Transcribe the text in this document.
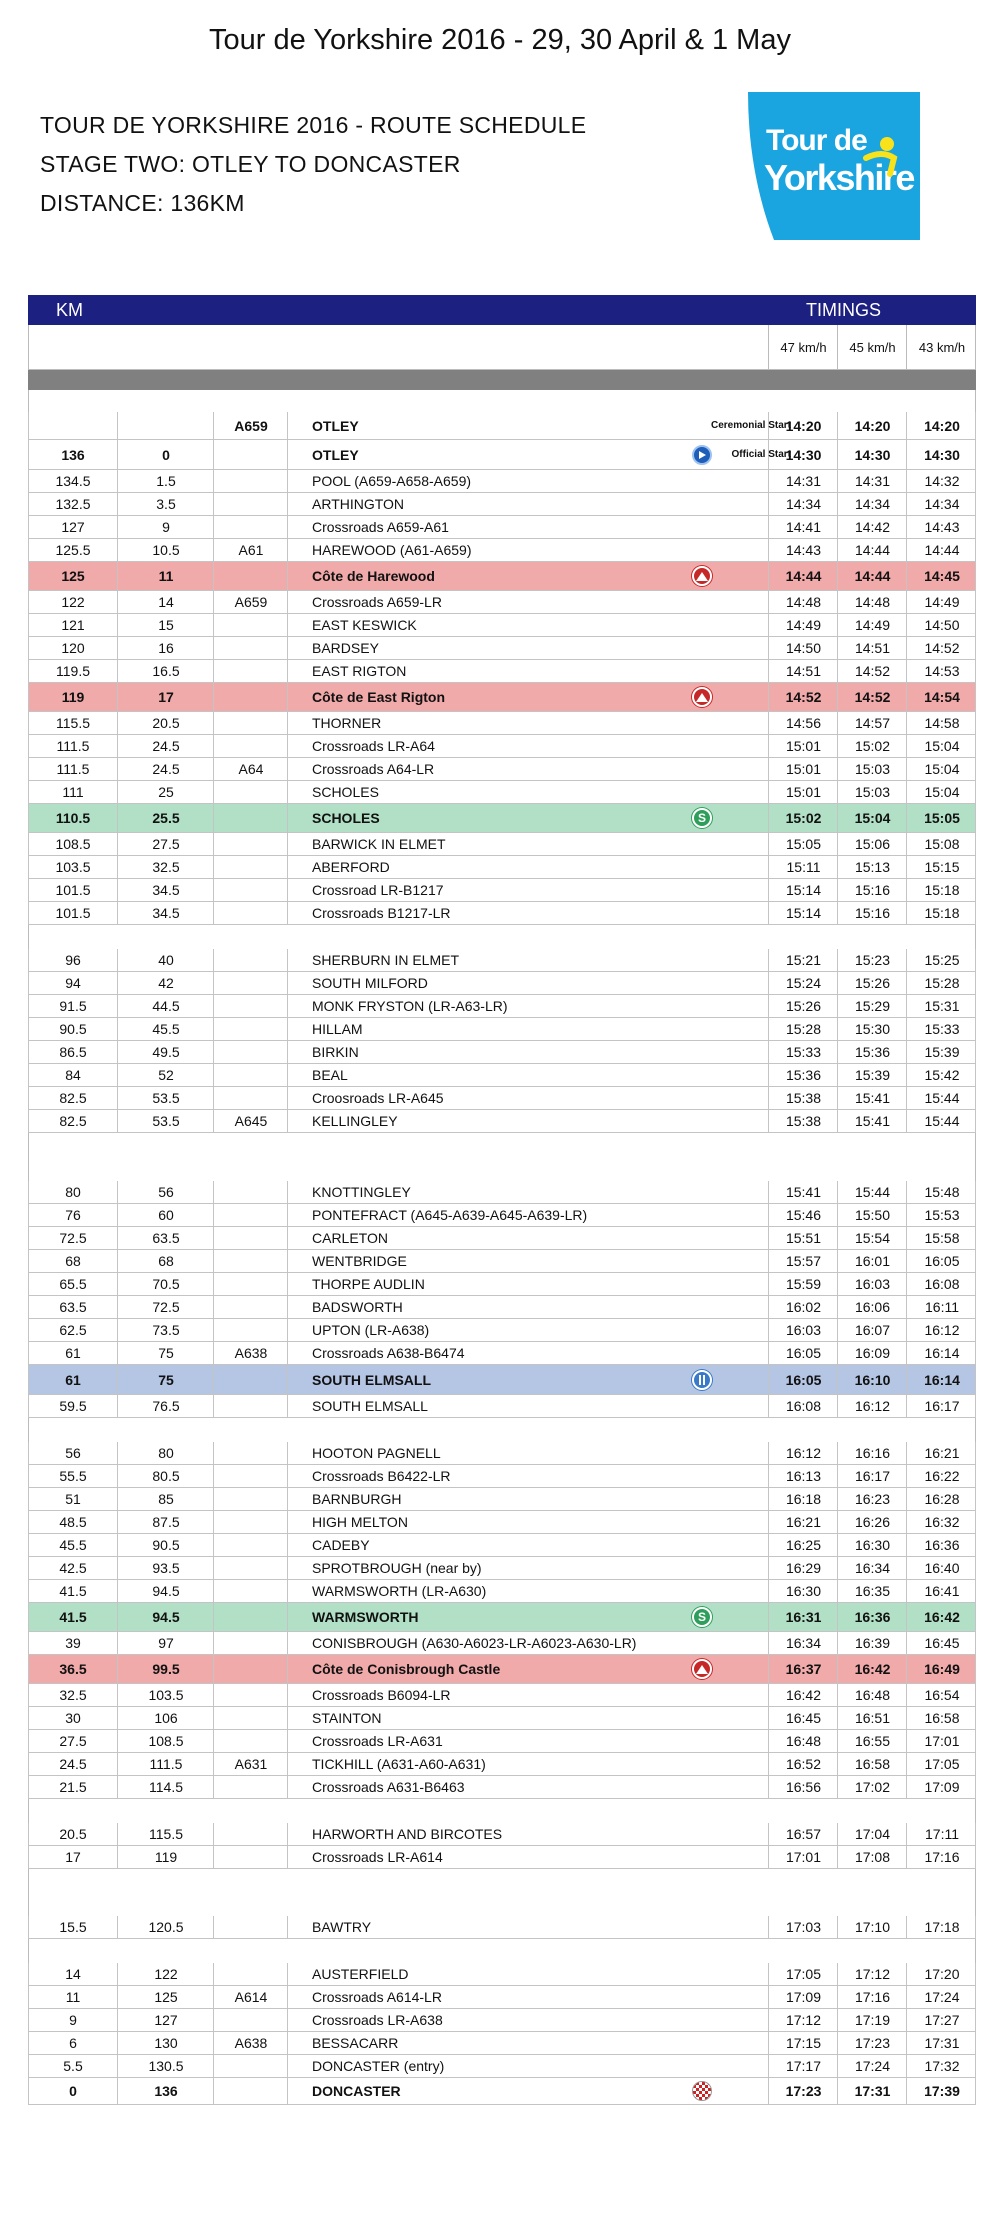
Tour de Yorkshire 2016 - 29, 30 April & 1 May
TOUR DE YORKSHIRE 2016 - ROUTE SCHEDULE
STAGE TWO: OTLEY TO DONCASTER
DISTANCE: 136KM
Tour de
Yorkshire
KM	TIMINGS
47 km/h	45 km/h	43 km/h
A659	OTLEY	14:20	14:20	14:20
Ceremonial Start
136	0	OTLEY	14:30	14:30	14:30
Official Start
134.5	1.5	POOL (A659-A658-A659)	14:31	14:31	14:32
132.5	3.5	ARTHINGTON	14:34	14:34	14:34
127	9	Crossroads A659-A61	14:41	14:42	14:43
125.5	10.5	A61	HAREWOOD (A61-A659)	14:43	14:44	14:44
125	11	Côte de Harewood	14:44	14:44	14:45
122	14	A659	Crossroads A659-LR	14:48	14:48	14:49
121	15	EAST KESWICK	14:49	14:49	14:50
120	16	BARDSEY	14:50	14:51	14:52
119.5	16.5	EAST RIGTON	14:51	14:52	14:53
119	17	Côte de East Rigton	14:52	14:52	14:54
115.5	20.5	THORNER	14:56	14:57	14:58
111.5	24.5	Crossroads LR-A64	15:01	15:02	15:04
111.5	24.5	A64	Crossroads A64-LR	15:01	15:03	15:04
111	25	SCHOLES	15:01	15:03	15:04
110.5	25.5	SCHOLES	15:02	15:04	15:05
S
108.5	27.5	BARWICK IN ELMET	15:05	15:06	15:08
103.5	32.5	ABERFORD	15:11	15:13	15:15
101.5	34.5	Crossroad LR-B1217	15:14	15:16	15:18
101.5	34.5	Crossroads B1217-LR	15:14	15:16	15:18
96	40	SHERBURN IN ELMET	15:21	15:23	15:25
94	42	SOUTH MILFORD	15:24	15:26	15:28
91.5	44.5	MONK FRYSTON (LR-A63-LR)	15:26	15:29	15:31
90.5	45.5	HILLAM	15:28	15:30	15:33
86.5	49.5	BIRKIN	15:33	15:36	15:39
84	52	BEAL	15:36	15:39	15:42
82.5	53.5	Croosroads LR-A645	15:38	15:41	15:44
82.5	53.5	A645	KELLINGLEY	15:38	15:41	15:44
80	56	KNOTTINGLEY	15:41	15:44	15:48
76	60	PONTEFRACT (A645-A639-A645-A639-LR)	15:46	15:50	15:53
72.5	63.5	CARLETON	15:51	15:54	15:58
68	68	WENTBRIDGE	15:57	16:01	16:05
65.5	70.5	THORPE AUDLIN	15:59	16:03	16:08
63.5	72.5	BADSWORTH	16:02	16:06	16:11
62.5	73.5	UPTON (LR-A638)	16:03	16:07	16:12
61	75	A638	Crossroads A638-B6474	16:05	16:09	16:14
61	75	SOUTH ELMSALL	16:05	16:10	16:14
59.5	76.5	SOUTH ELMSALL	16:08	16:12	16:17
56	80	HOOTON PAGNELL	16:12	16:16	16:21
55.5	80.5	Crossroads B6422-LR	16:13	16:17	16:22
51	85	BARNBURGH	16:18	16:23	16:28
48.5	87.5	HIGH MELTON	16:21	16:26	16:32
45.5	90.5	CADEBY	16:25	16:30	16:36
42.5	93.5	SPROTBROUGH (near by)	16:29	16:34	16:40
41.5	94.5	WARMSWORTH (LR-A630)	16:30	16:35	16:41
41.5	94.5	WARMSWORTH	16:31	16:36	16:42
S
39	97	CONISBROUGH (A630-A6023-LR-A6023-A630-LR)	16:34	16:39	16:45
36.5	99.5	Côte de Conisbrough Castle	16:37	16:42	16:49
32.5	103.5	Crossroads B6094-LR	16:42	16:48	16:54
30	106	STAINTON	16:45	16:51	16:58
27.5	108.5	Crossroads LR-A631	16:48	16:55	17:01
24.5	111.5	A631	TICKHILL (A631-A60-A631)	16:52	16:58	17:05
21.5	114.5	Crossroads A631-B6463	16:56	17:02	17:09
20.5	115.5	HARWORTH AND BIRCOTES	16:57	17:04	17:11
17	119	Crossroads LR-A614	17:01	17:08	17:16
15.5	120.5	BAWTRY	17:03	17:10	17:18
14	122	AUSTERFIELD	17:05	17:12	17:20
11	125	A614	Crossroads A614-LR	17:09	17:16	17:24
9	127	Crossroads LR-A638	17:12	17:19	17:27
6	130	A638	BESSACARR	17:15	17:23	17:31
5.5	130.5	DONCASTER (entry)	17:17	17:24	17:32
0	136	DONCASTER	17:23	17:31	17:39
